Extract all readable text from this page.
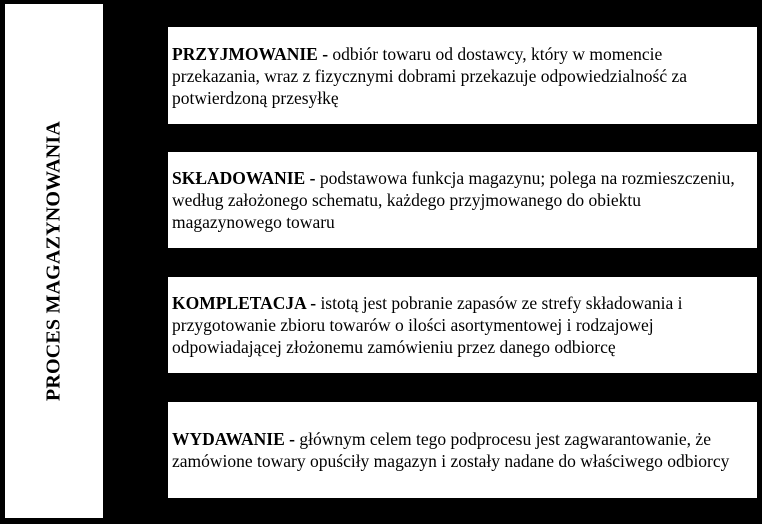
PROCES MAGAZYNOWANIA
PRZYJMOWANIE - odbiór towaru od dostawcy, który w momencie przekazania, wraz z fizycznymi dobrami przekazuje odpowiedzialność za potwierdzoną przesyłkę
SKŁADOWANIE - podstawowa funkcja magazynu; polega na rozmieszczeniu, według założonego schematu, każdego przyjmowanego do obiektu magazynowego towaru
KOMPLETACJA - istotą jest pobranie zapasów ze strefy składowania i przygotowanie zbioru towarów o ilości asortymentowej i rodzajowej odpowiadającej złożonemu zamówieniu przez danego odbiorcę
WYDAWANIE - głównym celem tego podprocesu jest zagwarantowanie, że zamówione towary opuściły magazyn i zostały nadane do właściwego odbiorcy
